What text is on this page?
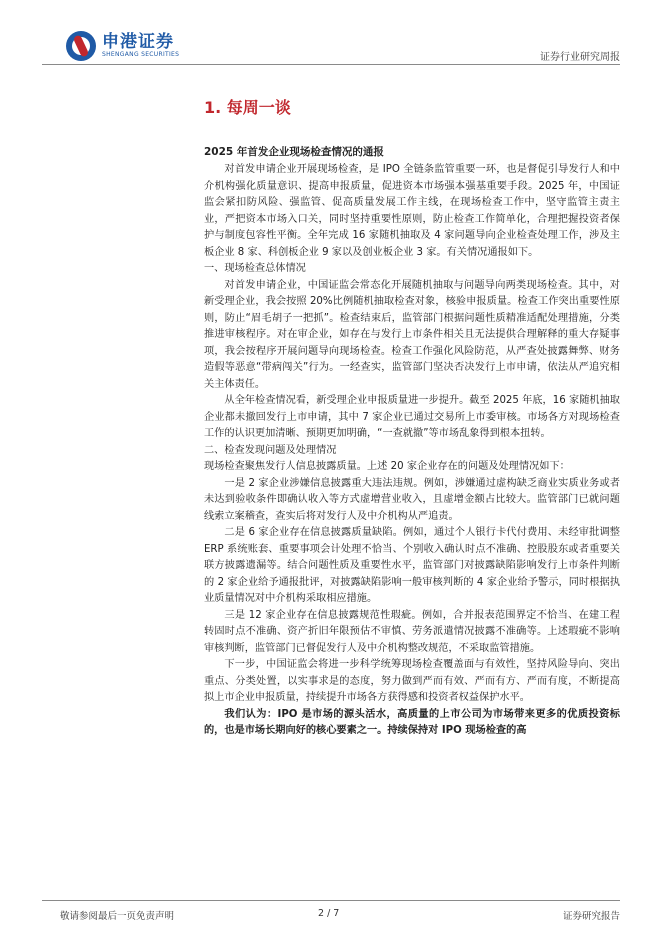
申港证券
SHENGANG SECURITIES	证券行业研究周报
1. 每周一谈
2025 年首发企业现场检查情况的通报

对首发申请企业开展现场检查，是 IPO 全链条监管重要一环，也是督促引导发行人和中介机构强化质量意识、提高申报质量，促进资本市场强本强基重要手段。2025 年，中国证监会紧扣防风险、强监管、促高质量发展工作主线，在现场检查工作中，坚守监管主责主业，严把资本市场入口关，同时坚持重要性原则，防止检查工作简单化，合理把握投资者保护与制度包容性平衡。全年完成 16 家随机抽取及 4 家问题导向企业检查处理工作，涉及主板企业 8 家、科创板企业 9 家以及创业板企业 3 家。有关情况通报如下。

一、现场检查总体情况

对首发申请企业，中国证监会常态化开展随机抽取与问题导向两类现场检查。其中，对新受理企业，我会按照 20%比例随机抽取检查对象，核验申报质量。检查工作突出重要性原则，防止“眉毛胡子一把抓”。检查结束后，监管部门根据问题性质精准适配处理措施，分类推进审核程序。对在审企业，如存在与发行上市条件相关且无法提供合理解释的重大存疑事项，我会按程序开展问题导向现场检查。检查工作强化风险防范，从严查处披露舞弊、财务造假等恶意“带病闯关”行为。一经查实，监管部门坚决否决发行上市申请，依法从严追究相关主体责任。

从全年检查情况看，新受理企业申报质量进一步提升。截至 2025 年底，16 家随机抽取企业都未撤回发行上市申请，其中 7 家企业已通过交易所上市委审核。市场各方对现场检查工作的认识更加清晰、预期更加明确，“一查就撤”等市场乱象得到根本扭转。

二、检查发现问题及处理情况

现场检查聚焦发行人信息披露质量。上述 20 家企业存在的问题及处理情况如下：

一是 2 家企业涉嫌信息披露重大违法违规。例如，涉嫌通过虚构缺乏商业实质业务或者未达到验收条件即确认收入等方式虚增营业收入，且虚增金额占比较大。监管部门已就问题线索立案稽查，查实后将对发行人及中介机构从严追责。

二是 6 家企业存在信息披露质量缺陷。例如，通过个人银行卡代付费用、未经审批调整 ERP 系统账套、重要事项会计处理不恰当、个别收入确认时点不准确、控股股东或者重要关联方披露遗漏等。结合问题性质及重要性水平，监管部门对披露缺陷影响发行上市条件判断的 2 家企业给予通报批评，对披露缺陷影响一般审核判断的 4 家企业给予警示，同时根据执业质量情况对中介机构采取相应措施。

三是 12 家企业存在信息披露规范性瑕疵。例如，合并报表范围界定不恰当、在建工程转固时点不准确、资产折旧年限预估不审慎、劳务派遣情况披露不准确等。上述瑕疵不影响审核判断，监管部门已督促发行人及中介机构整改规范，不采取监管措施。

下一步，中国证监会将进一步科学统筹现场检查覆盖面与有效性，坚持风险导向、突出重点、分类处置，以实事求是的态度，努力做到严而有效、严而有方、严而有度，不断提高拟上市企业申报质量，持续提升市场各方获得感和投资者权益保护水平。

我们认为：IPO 是市场的源头活水，高质量的上市公司为市场带来更多的优质投资标的，也是市场长期向好的核心要素之一。持续保持对 IPO 现场检查的高

敬请参阅最后一页免责声明	2 / 7	证券研究报告
